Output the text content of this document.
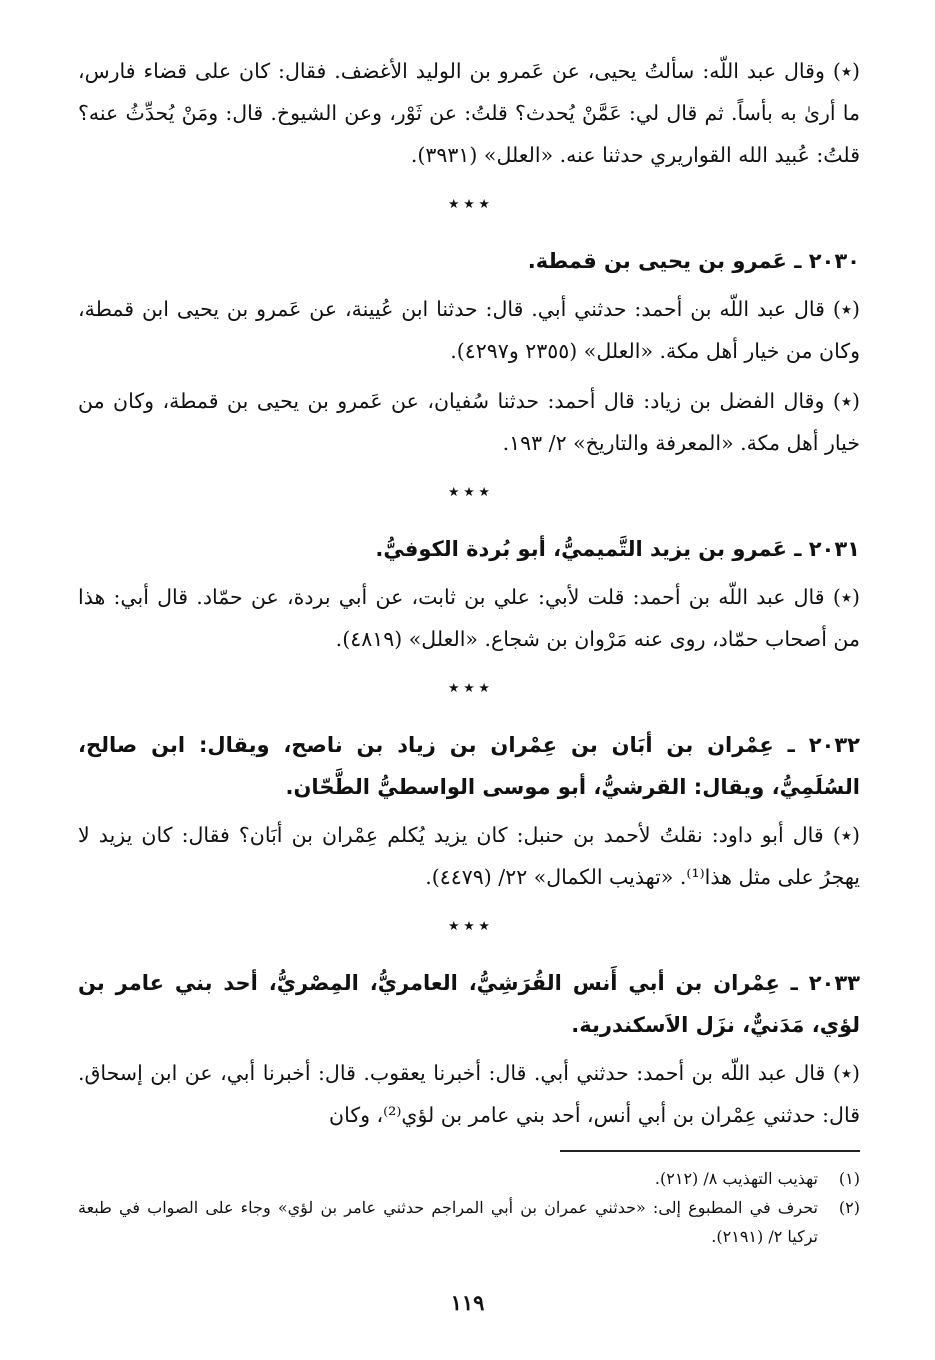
(٭) وقال عبد اللّه: سألتُ يحيى، عن عَمرو بن الوليد الأغضف. فقال: كان على قضاء فارس، ما أرىٰ به بأساً. ثم قال لي: عَمَّنْ يُحدث؟ قلتُ: عن ثَوْر، وعن الشيوخ. قال: ومَنْ يُحدِّثُ عنه؟ قلتُ: عُبيد الله القواريري حدثنا عنه. «العلل» (٣٩٣١).

٭ ٭ ٭

٢٠٣٠ ـ عَمرو بن يحيى بن قمطة.

(٭) قال عبد اللّه بن أحمد: حدثني أبي. قال: حدثنا ابن عُيينة، عن عَمرو بن يحيى ابن قمطة، وكان من خيار أهل مكة. «العلل» (٢٣٥٥ و٤٢٩٧).

(٭) وقال الفضل بن زياد: قال أحمد: حدثنا سُفيان، عن عَمرو بن يحيى بن قمطة، وكان من خيار أهل مكة. «المعرفة والتاريخ» ٢/ ١٩٣.

٭ ٭ ٭

٢٠٣١ ـ عَمرو بن يزيد التَّميميُّ، أبو بُردة الكوفيُّ.

(٭) قال عبد اللّه بن أحمد: قلت لأبي: علي بن ثابت، عن أبي بردة، عن حمّاد. قال أبي: هذا من أصحاب حمّاد، روى عنه مَرْوان بن شجاع. «العلل» (٤٨١٩).

٭ ٭ ٭

٢٠٣٢ ـ عِمْران بن أبَان بن عِمْران بن زياد بن ناصح، ويقال: ابن صالح، السُلَمِيُّ، ويقال: القرشيُّ، أبو موسى الواسطيُّ الطَّحّان.

(٭) قال أبو داود: نقلتُ لأحمد بن حنبل: كان يزيد يُكلم عِمْران بن أبَان؟ فقال: كان يزيد لا يهجرُ على مثل هذا⁽¹⁾. «تهذيب الكمال» ٢٢/ (٤٤٧٩).

٭ ٭ ٭

٢٠٣٣ ـ عِمْران بن أبي أَنس القُرَشِيُّ، العامريُّ، المِصْريُّ، أحد بني عامر بن لؤي، مَدَنيٌّ، نزَل الاَسكندرية.

(٭) قال عبد اللّه بن أحمد: حدثني أبي. قال: أخبرنا يعقوب. قال: أخبرنا أبي، عن ابن إسحاق. قال: حدثني عِمْران بن أبي أنس، أحد بني عامر بن لؤي⁽²⁾، وكان

(١)
تهذيب التهذيب ٨/ (٢١٢).
(٢)
تحرف في المطبوع إلى: «حدثني عمران بن أبي المراجم حدثني عامر بن لؤي» وجاء على الصواب في طبعة تركيا ٢/ (٢١٩١).
١١٩
